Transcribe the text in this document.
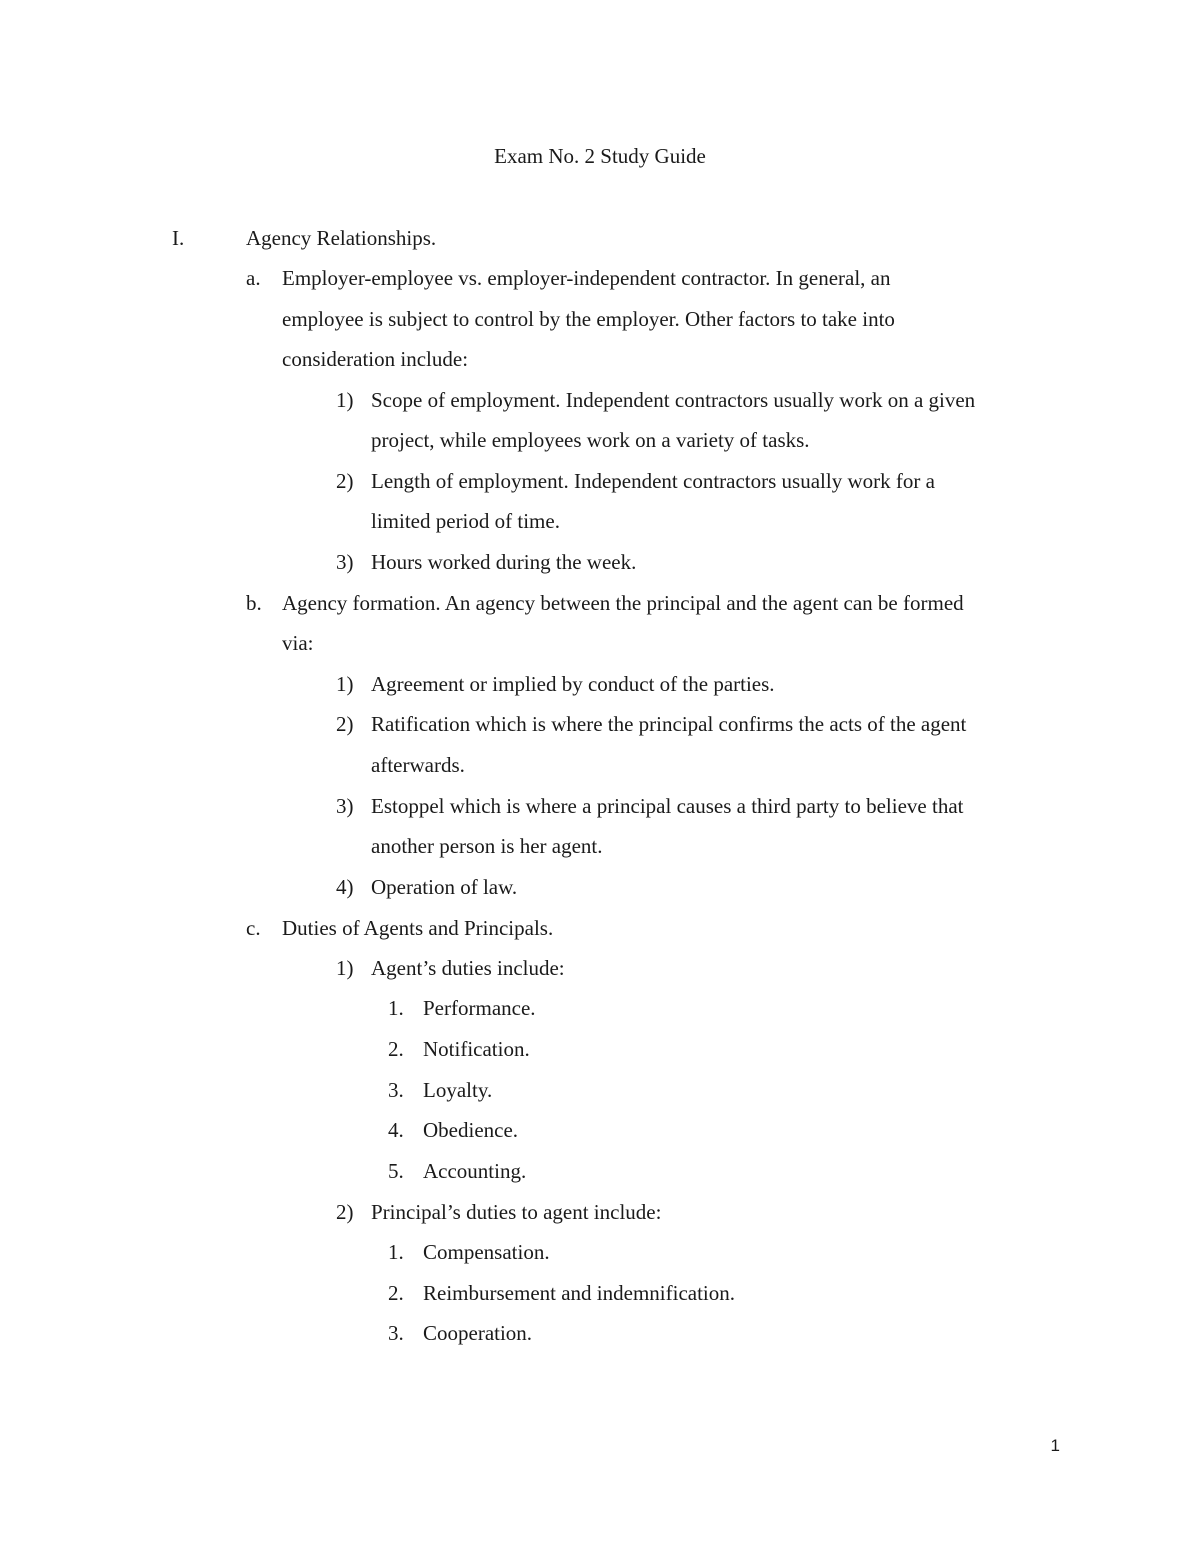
Exam No. 2 Study Guide
I.	Agency Relationships.
a. Employer-employee vs. employer-independent contractor. In general, an
employee is subject to control by the employer. Other factors to take into
consideration include:
1) Scope of employment. Independent contractors usually work on a given
project, while employees work on a variety of tasks.
2) Length of employment. Independent contractors usually work for a
limited period of time.
3) Hours worked during the week.
b. Agency formation. An agency between the principal and the agent can be formed
via:
1) Agreement or implied by conduct of the parties.
2) Ratification which is where the principal confirms the acts of the agent
afterwards.
3) Estoppel which is where a principal causes a third party to believe that
another person is her agent.
4) Operation of law.
c. Duties of Agents and Principals.
1) Agent’s duties include:
1. Performance.
2. Notification.
3. Loyalty.
4. Obedience.
5. Accounting.
2) Principal’s duties to agent include:
1. Compensation.
2. Reimbursement and indemnification.
3. Cooperation.
1
